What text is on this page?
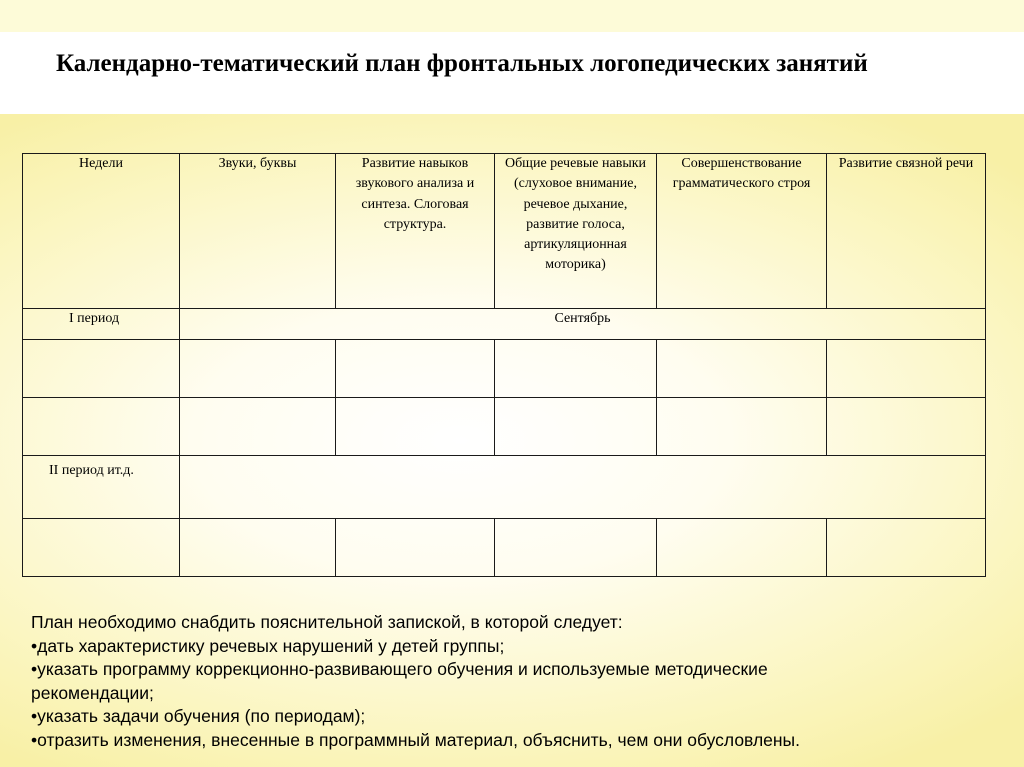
Календарно-тематический план фронтальных логопедических занятий
Недели	Звуки, буквы	Развитие навыков звукового анализа и синтеза. Слоговая структура.	Общие речевые навыки (слуховое внимание, речевое дыхание, развитие голоса, артикуляционная моторика)	Совершенствование грамматического строя	Развитие связной речи

I период	Сентябрь				

II период ит.д.					

План необходимо снабдить пояснительной запиской, в которой следует:
•дать характеристику речевых нарушений у детей группы;
•указать программу коррекционно-развивающего обучения и используемые методические
рекомендации;
•указать задачи обучения (по периодам);
•отразить изменения, внесенные в программный материал, объяснить, чем они обусловлены.
